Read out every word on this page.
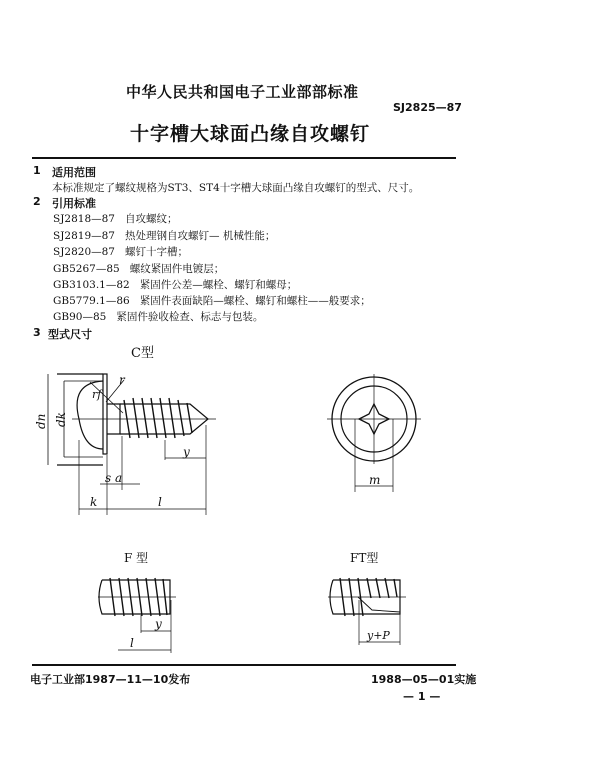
中华人民共和国电子工业部部标准
SJ2825—87
十字槽大球面凸缘自攻螺钉
1 适用范围
本标准规定了螺纹规格为ST3、ST4十字槽大球面凸缘自攻螺钉的型式、尺寸。
2 引用标准
SJ2818—87 自攻螺纹；
SJ2819—87 热处理钢自攻螺钉— 机械性能；
SJ2820—87 螺钉十字槽；
GB5267—85 螺纹紧固件电镀层；
GB3103.1—82 紧固件公差—螺栓、螺钉和螺母；
GB5779.1—86 紧固件表面缺陷—螺栓、螺钉和螺柱——般要求；
GB90—85 紧固件验收检查、标志与包装。
3 型式尺寸
C型
dn dk
rf
r
s a
y
k	l
m
y
l
y+P
F 型	FT型
电子工业部1987—11—10发布	1988—05—01实施
— 1 —
